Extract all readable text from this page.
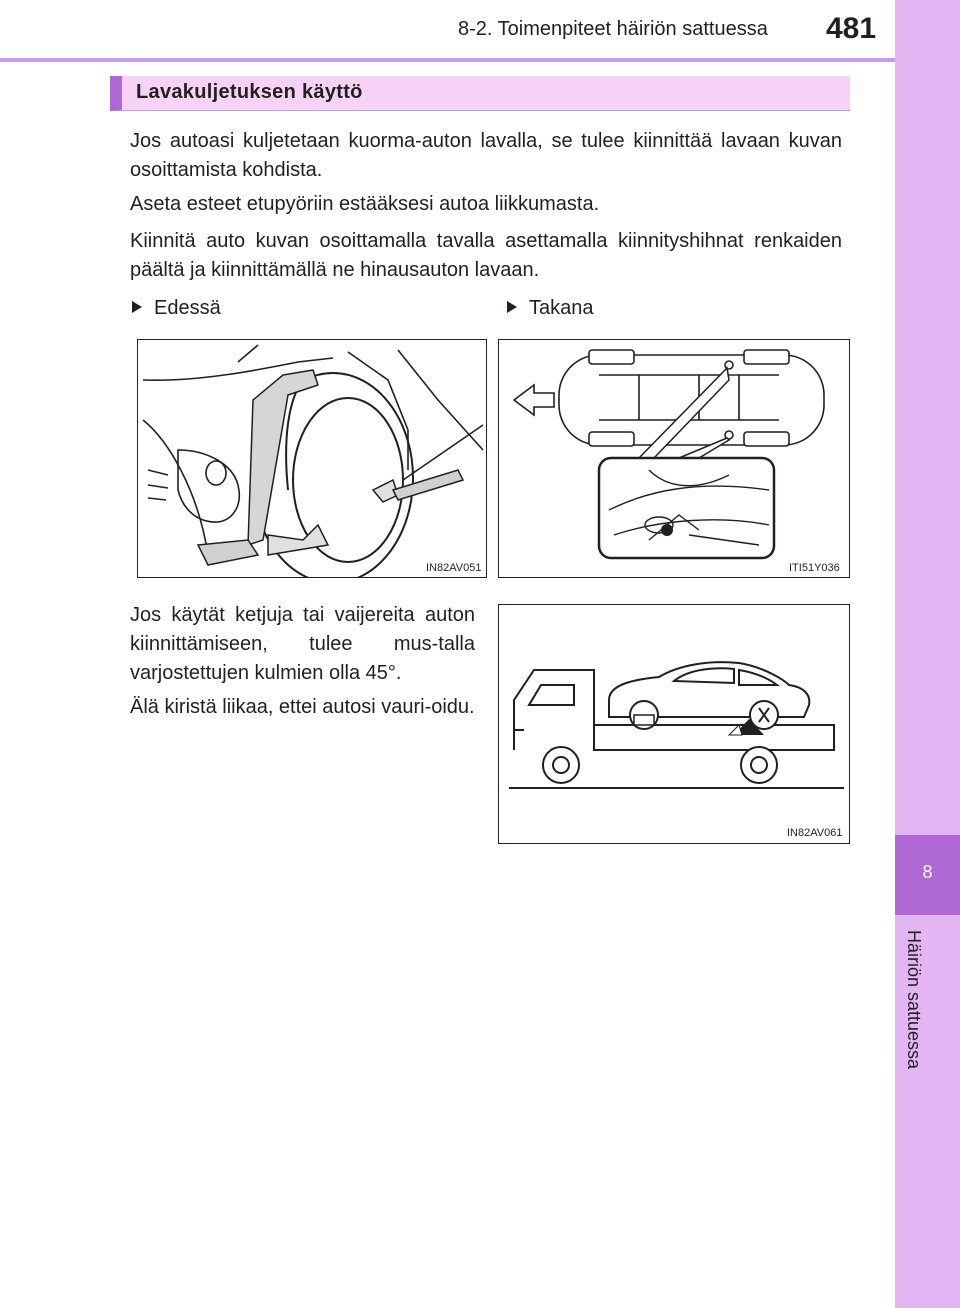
8-2. Toimenpiteet häiriön sattuessa 481
8
Häiriön sattuessa
Lavakuljetuksen käyttö
Jos autoasi kuljetetaan kuorma-auton lavalla, se tulee kiinnittää lavaan kuvan osoittamista kohdista.
Aseta esteet etupyöriin estääksesi autoa liikkumasta.
Kiinnitä auto kuvan osoittamalla tavalla asettamalla kiinnityshihnat renkaiden päältä ja kiinnittämällä ne hinausauton lavaan.
Edessä	Takana
IN82AV051	ITI51Y036
Jos käytät ketjuja tai vaijereita auton kiinnittämiseen, tulee mus-talla varjostettujen kulmien olla 45°.
Älä kiristä liikaa, ettei autosi vauri-oidu.
IN82AV061
